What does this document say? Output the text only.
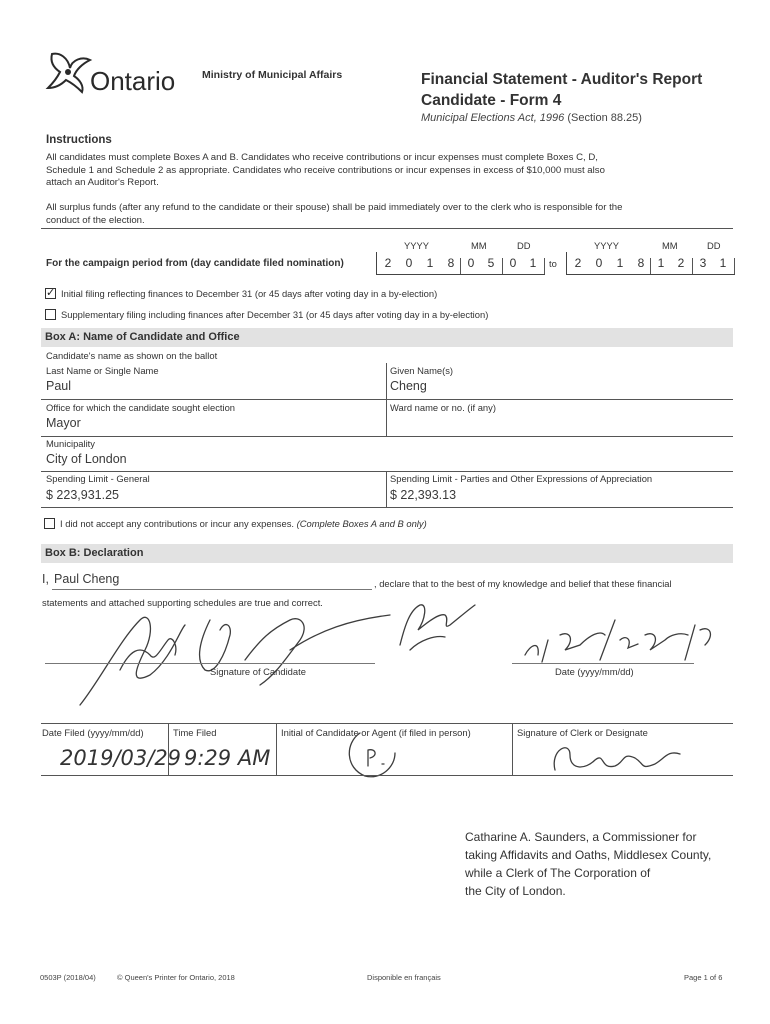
Ontario	Ministry of Municipal Affairs	Financial Statement - Auditor's Report
Candidate - Form 4
Municipal Elections Act, 1996 (Section 88.25)
Instructions
All candidates must complete Boxes A and B. Candidates who receive contributions or incur expenses must complete Boxes C, D,
Schedule 1 and Schedule 2 as appropriate. Candidates who receive contributions or incur expenses in excess of $10,000 must also
attach an Auditor's Report.
All surplus funds (after any refund to the candidate or their spouse) shall be paid immediately over to the clerk who is responsible for the
conduct of the election.
YYYY	MM	DD	YYYY	MM	DD
For the campaign period from (day candidate filed nomination)	2	0	1	8	0	5	0	1	to	2	0	1	8	1	2	3	1
✓ Initial filing reflecting finances to December 31 (or 45 days after voting day in a by-election)
Supplementary filing including finances after December 31 (or 45 days after voting day in a by-election)
Box A: Name of Candidate and Office
Candidate's name as shown on the ballot
Last Name or Single Name
Paul
Given Name(s)
Cheng
Office for which the candidate sought election
Mayor
Ward name or no. (if any)
Municipality
City of London
Spending Limit - General
$ 223,931.25
Spending Limit - Parties and Other Expressions of Appreciation
$ 22,393.13
I did not accept any contributions or incur any expenses. (Complete Boxes A and B only)
Box B: Declaration
I, Paul Cheng	, declare that to the best of my knowledge and belief that these financial
statements and attached supporting schedules are true and correct.
Signature of Candidate	Date (yyyy/mm/dd)
Date Filed (yyyy/mm/dd)	Time Filed	Initial of Candidate or Agent (if filed in person)	Signature of Clerk or Designate
2019/03/29 9:29 AM
Catharine A. Saunders, a Commissioner for
taking Affidavits and Oaths, Middlesex County,
while a Clerk of The Corporation of
the City of London.
0503P (2018/04)	© Queen's Printer for Ontario, 2018	Disponible en français	Page 1 of 6
